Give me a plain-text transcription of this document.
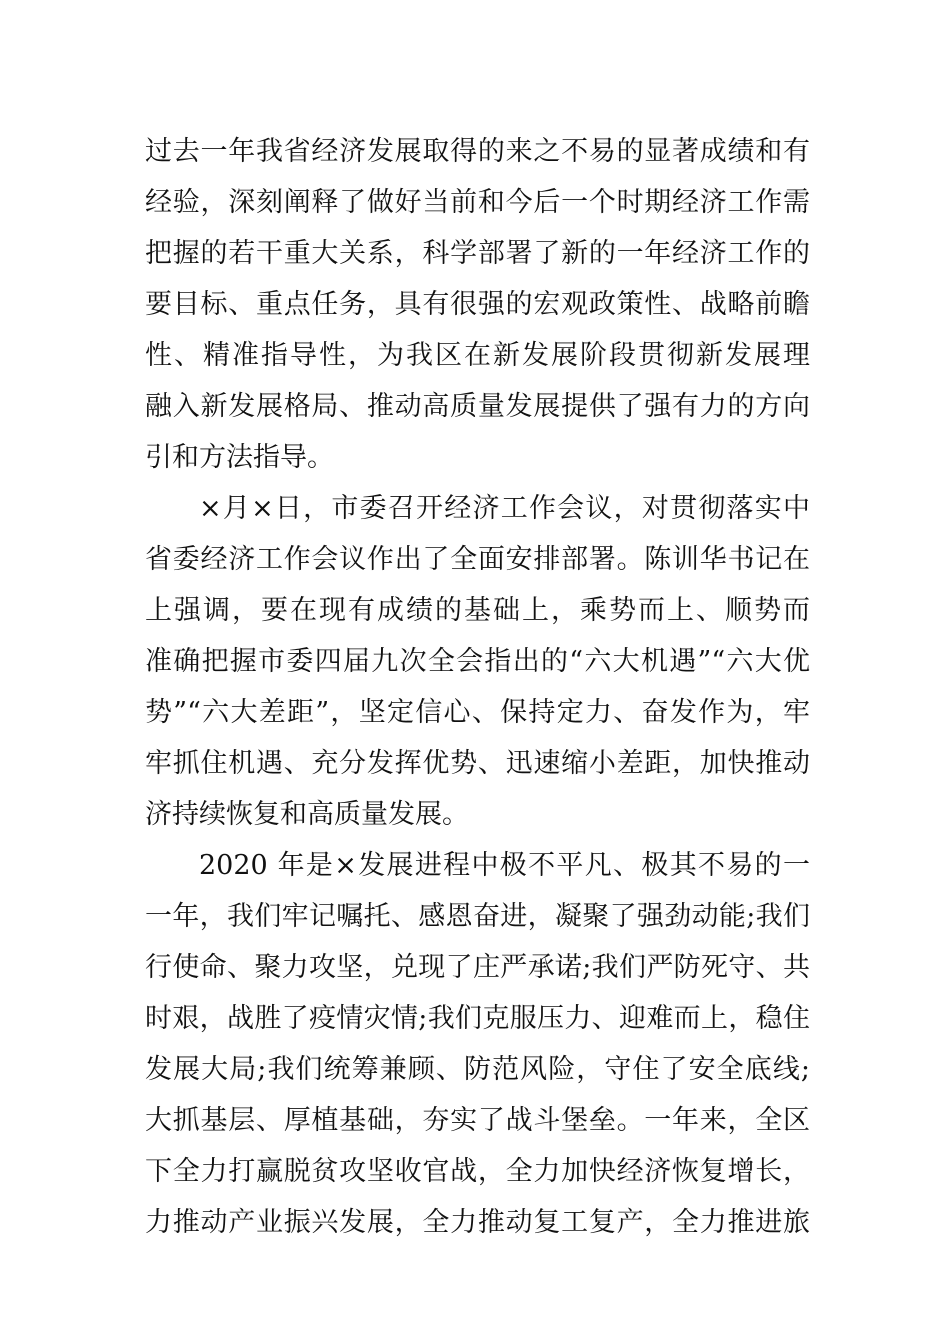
过去一年我省经济发展取得的来之不易的显著成绩和有
经验，深刻阐释了做好当前和今后一个时期经济工作需
把握的若干重大关系，科学部署了新的一年经济工作的
要目标、重点任务，具有很强的宏观政策性、战略前瞻
性、精准指导性，为我区在新发展阶段贯彻新发展理
融入新发展格局、推动高质量发展提供了强有力的方向
引和方法指导。
×月×日，市委召开经济工作会议，对贯彻落实中
省委经济工作会议作出了全面安排部署。陈训华书记在
上强调，要在现有成绩的基础上，乘势而上、顺势而
准确把握市委四届九次全会指出的“六大机遇”“六大优
势”“六大差距”，坚定信心、保持定力、奋发作为，牢
牢抓住机遇、充分发挥优势、迅速缩小差距，加快推动
济持续恢复和高质量发展。
2020 年是×发展进程中极不平凡、极其不易的一
一年，我们牢记嘱托、感恩奋进，凝聚了强劲动能;我们
行使命、聚力攻坚，兑现了庄严承诺;我们严防死守、共
时艰，战胜了疫情灾情;我们克服压力、迎难而上，稳住
发展大局;我们统筹兼顾、防范风险，守住了安全底线;
大抓基层、厚植基础，夯实了战斗堡垒。一年来，全区
下全力打赢脱贫攻坚收官战，全力加快经济恢复增长，
力推动产业振兴发展，全力推动复工复产，全力推进旅
